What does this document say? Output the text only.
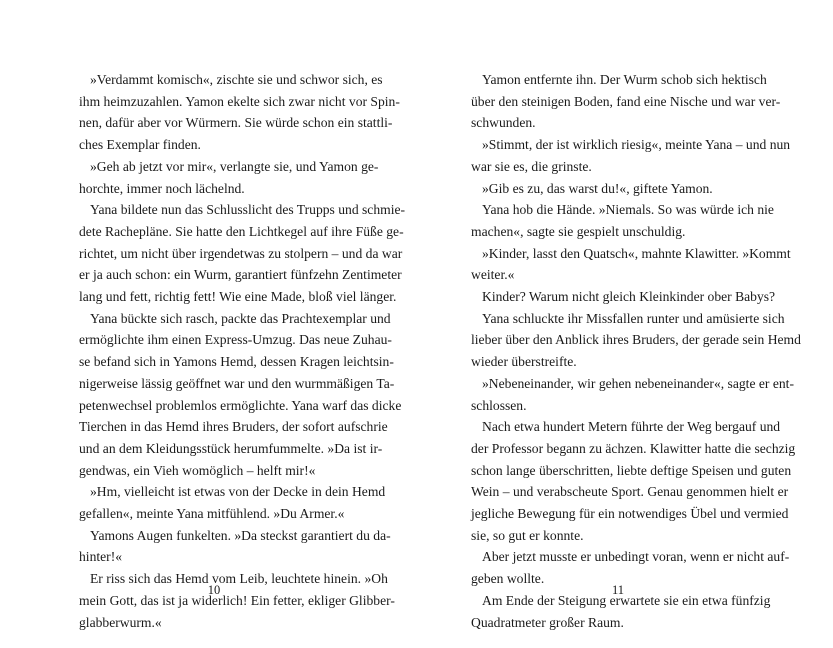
»Verdammt komisch«, zischte sie und schwor sich, es
ihm heimzuzahlen. Yamon ekelte sich zwar nicht vor Spin-
nen, dafür aber vor Würmern. Sie würde schon ein stattli-
ches Exemplar finden.
»Geh ab jetzt vor mir«, verlangte sie, und Yamon ge-
horchte, immer noch lächelnd.
Yana bildete nun das Schlusslicht des Trupps und schmie-
dete Rachepläne. Sie hatte den Lichtkegel auf ihre Füße ge-
richtet, um nicht über irgendetwas zu stolpern – und da war
er ja auch schon: ein Wurm, garantiert fünfzehn Zentimeter
lang und fett, richtig fett! Wie eine Made, bloß viel länger.
Yana bückte sich rasch, packte das Prachtexemplar und
ermöglichte ihm einen Express-Umzug. Das neue Zuhau-
se befand sich in Yamons Hemd, dessen Kragen leichtsin-
nigerweise lässig geöffnet war und den wurmmäßigen Ta-
petenwechsel problemlos ermöglichte. Yana warf das dicke
Tierchen in das Hemd ihres Bruders, der sofort aufschrie
und an dem Kleidungsstück herumfummelte. »Da ist ir-
gendwas, ein Vieh womöglich – helft mir!«
»Hm, vielleicht ist etwas von der Decke in dein Hemd
gefallen«, meinte Yana mitfühlend. »Du Armer.«
Yamons Augen funkelten. »Da steckst garantiert du da-
hinter!«
Er riss sich das Hemd vom Leib, leuchtete hinein. »Oh
mein Gott, das ist ja widerlich! Ein fetter, ekliger Glibber-
glabberwurm.«
10
Yamon entfernte ihn. Der Wurm schob sich hektisch
über den steinigen Boden, fand eine Nische und war ver-
schwunden.
»Stimmt, der ist wirklich riesig«, meinte Yana – und nun
war sie es, die grinste.
»Gib es zu, das warst du!«, giftete Yamon.
Yana hob die Hände. »Niemals. So was würde ich nie
machen«, sagte sie gespielt unschuldig.
»Kinder, lasst den Quatsch«, mahnte Klawitter. »Kommt
weiter.«
Kinder? Warum nicht gleich Kleinkinder ober Babys?
Yana schluckte ihr Missfallen runter und amüsierte sich
lieber über den Anblick ihres Bruders, der gerade sein Hemd
wieder überstreifte.
»Nebeneinander, wir gehen nebeneinander«, sagte er ent-
schlossen.
Nach etwa hundert Metern führte der Weg bergauf und
der Professor begann zu ächzen. Klawitter hatte die sechzig
schon lange überschritten, liebte deftige Speisen und guten
Wein – und verabscheute Sport. Genau genommen hielt er
jegliche Bewegung für ein notwendiges Übel und vermied
sie, so gut er konnte.
Aber jetzt musste er unbedingt voran, wenn er nicht auf-
geben wollte.
Am Ende der Steigung erwartete sie ein etwa fünfzig
Quadratmeter großer Raum.
11
